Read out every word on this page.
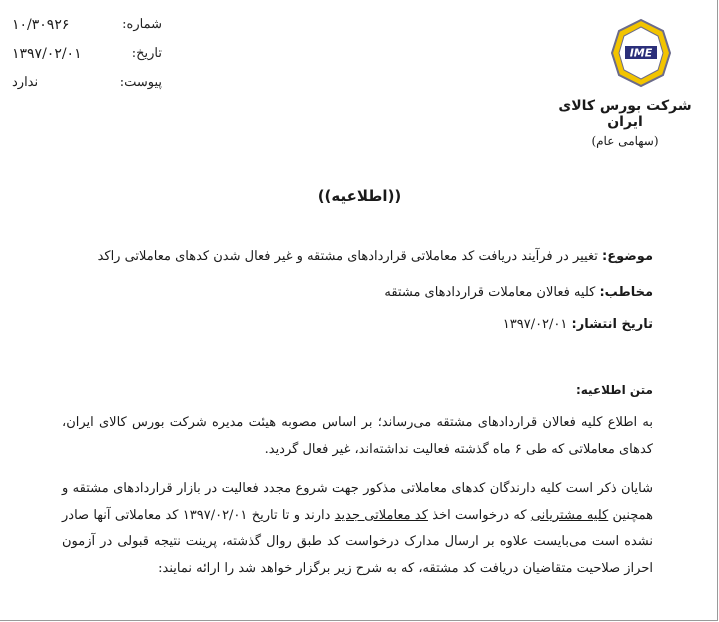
شماره:
۱۰/۳۰۹۲۶
تاریخ:
۱۳۹۷/۰۲/۰۱
پیوست:
ندارد
IME
شرکت بورس کالای ایران
(سهامی عام)
((اطلاعیه))
موضوع: تغییر در فرآیند دریافت کد معاملاتی قراردادهای مشتقه و غیر فعال شدن کدهای معاملاتی راکد
مخاطب: کلیه فعالان معاملات قراردادهای مشتقه
تاریخ انتشار: ۱۳۹۷/۰۲/۰۱
متن اطلاعیه:
به اطلاع کلیه فعالان قراردادهای مشتقه می‌رساند؛ بر اساس مصوبه هیئت مدیره شرکت بورس کالای ایران، کدهای معاملاتی که طی ۶ ماه گذشته فعالیت نداشته‌اند، غیر فعال گردید.
شایان ذکر است کلیه دارندگان کدهای معاملاتی مذکور جهت شروع مجدد فعالیت در بازار قراردادهای مشتقه و همچنین کلیه مشتریانی که درخواست اخذ کد معاملاتی جدید دارند و تا تاریخ ۱۳۹۷/۰۲/۰۱ کد معاملاتی آنها صادر نشده است می‌بایست علاوه بر ارسال مدارک درخواست کد طبق روال گذشته، پرینت نتیجه قبولی در آزمون احراز صلاحیت متقاضیان دریافت کد مشتقه، که به شرح زیر برگزار خواهد شد را ارائه نمایند:
